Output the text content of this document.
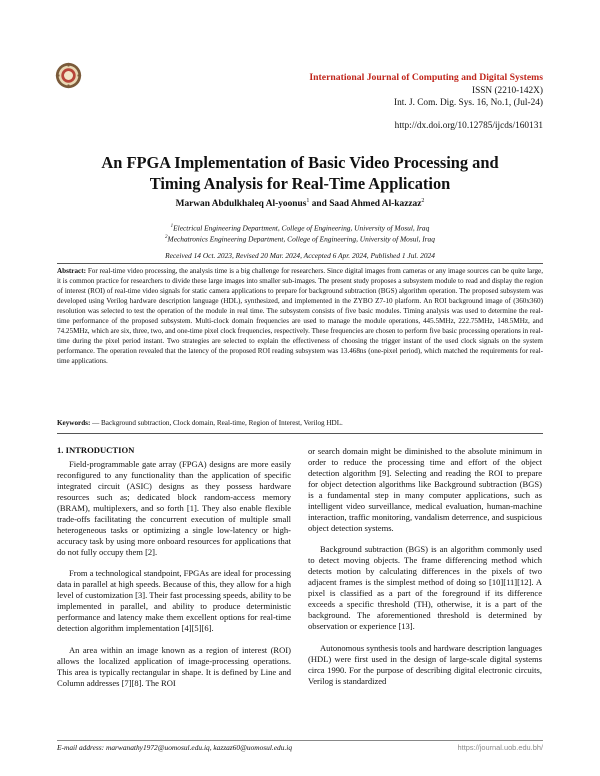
International Journal of Computing and Digital Systems
ISSN (2210-142X)
Int. J. Com. Dig. Sys. 16, No.1, (Jul-24)
http://dx.doi.org/10.12785/ijcds/160131
An FPGA Implementation of Basic Video Processing and
Timing Analysis for Real-Time Application
Marwan Abdulkhaleq Al-yoonus$^1$ and Saad Ahmed Al-kazzaz$^2$
$^1$Electrical Engineering Department, College of Engineering, University of Mosul, Iraq
$^2$Mechatronics Engineering Department, College of Engineering, University of Mosul, Iraq
Received 14 Oct. 2023, Revised 20 Mar. 2024, Accepted 6 Apr. 2024, Published 1 Jul. 2024
Abstract: For real-time video processing, the analysis time is a big challenge for researchers. Since digital images from cameras or any image sources can be quite large, it is common practice for researchers to divide these large images into smaller sub-images. The present study proposes a subsystem module to read and display the region of interest (ROI) of real-time video signals for static camera applications to prepare for background subtraction (BGS) algorithm operation. The proposed subsystem was developed using Verilog hardware description language (HDL), synthesized, and implemented in the ZYBO Z7-10 platform. An ROI background image of (360x360) resolution was selected to test the operation of the module in real time. The subsystem consists of five basic modules. Timing analysis was used to determine the real-time performance of the proposed subsystem. Multi-clock domain frequencies are used to manage the module operations, 445.5MHz, 222.75MHz, 148.5MHz, and 74.25MHz, which are six, three, two, and one-time pixel clock frequencies, respectively. These frequencies are chosen to perform five basic processing operations in real-time during the pixel period instant. Two strategies are selected to explain the effectiveness of choosing the trigger instant of the used clock signals on the system performance. The operation revealed that the latency of the proposed ROI reading subsystem was 13.468ns (one-pixel period), which matched the requirements for real-time applications.
Keywords: — Background subtraction, Clock domain, Real-time, Region of Interest, Verilog HDL.
1. INTRODUCTION

Field-programmable gate array (FPGA) designs are more easily reconfigured to any functionality than the application of specific integrated circuit (ASIC) designs as they possess hardware resources such as; dedicated block random-access memory (BRAM), multiplexers, and so forth [1]. They also enable flexible trade-offs facilitating the concurrent execution of multiple small heterogeneous tasks or optimizing a single low-latency or high-accuracy task by using more onboard resources for applications that do not fully occupy them [2].

From a technological standpoint, FPGAs are ideal for processing data in parallel at high speeds. Because of this, they allow for a high level of customization [3]. Their fast processing speeds, ability to be implemented in parallel, and ability to produce deterministic performance and latency make them excellent options for real-time detection algorithm implementation [4][5][6].

An area within an image known as a region of interest (ROI) allows the localized application of image-processing operations. This area is typically rectangular in shape. It is defined by Line and Column addresses [7][8]. The ROI

or search domain might be diminished to the absolute minimum in order to reduce the processing time and effort of the object detection algorithm [9]. Selecting and reading the ROI to prepare for object detection algorithms like Background subtraction (BGS) is a fundamental step in many computer applications, such as intelligent video surveillance, medical evaluation, human-machine interaction, traffic monitoring, vandalism deterrence, and suspicious object detection systems.

Background subtraction (BGS) is an algorithm commonly used to detect moving objects. The frame differencing method which detects motion by calculating differences in the pixels of two adjacent frames is the simplest method of doing so [10][11][12]. A pixel is classified as a part of the foreground if its difference exceeds a specific threshold (TH), otherwise, it is a part of the background. The aforementioned threshold is determined by observation or experience [13].

Autonomous synthesis tools and hardware description languages (HDL) were first used in the design of large-scale digital systems circa 1990. For the purpose of describing digital electronic circuits, Verilog is standardized

E-mail address: marwanathy1972@uomosul.edu.iq, kazzaz60@uomosul.edu.iq	https://journal.uob.edu.bh/
